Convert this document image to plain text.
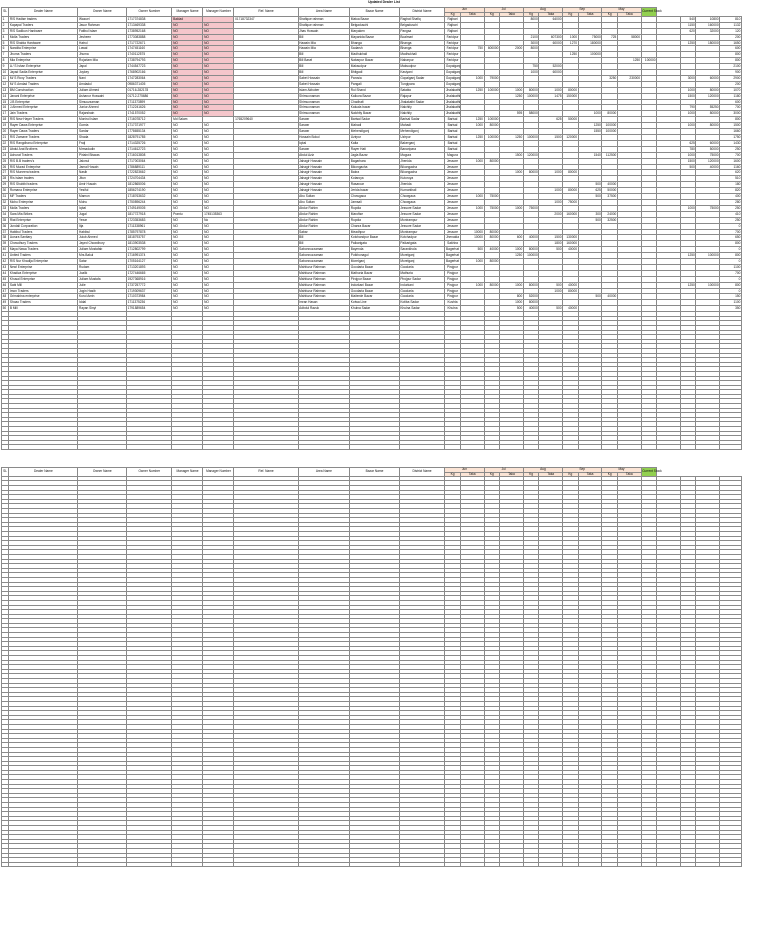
Updated Dealer List
SL	Dealer Name	Owner Name	Owner Number	Manager Name	Manager Number	Ref. Name	Area Name	Bazar Name	District Name	Jun		Jul		Aug		Sep		May		Current Stock				
										Kg	Taka	Kg	Taka	Kg	Taka	Kg	Taka	Kg	Taka					
1	R/S Hadise traders	Wazuel	1717374838	Baldad		01718732347	Shafique rahman	Matua Bazar	Raghat Shafiq	Rajbari				8000	64000							540	10800	810
2	Kapapal Traders	Jasur Rahman	1713469338	NO	NO		Shafique rahman	Belgaduschi	Belgaduschi	Rajbari												1150	160000	1132
3	R/S Sadikun Hardware	Fatibul Islam	1738952168	NO	NO		Jhas Hossain	Maryaken	Pangsa	Rajbari												620	32000	120
4	Molla Traders	Jesheen	1773083888	NO	NO		Bill	Mayanida Bazar	Boalmari	Faridpur				2100	607300	1000	75000	725	58000					200
5	R/S Shabia Hardware	Hatrul	1717722671	NO	NO		Hawain Mia	Bhanga	Bhanga	Faridpur				3000	60000	1270	180000					1250	180000	1650
6	Nandita Enterprise	Lawal	1747451160	NO	NO		Hawain Mia	Sadarsh	Bhanga	Faridpur	750	600000	2000	8000										600
7	Jhuma Traders	Jhuma	1740112575	NO	NO		Bill	Madhukhali	Madhukhali	Faridpur						1250	100000							800
8	Mia Enterprise	Rojarlam Mia	1738794793	NO	NO		Bill Basel	Nabarpur Bazar	Nabarpur	Faridpur									1250	100000				800
9	A / S Ishan Enterprise	Japal	1744547723	NO	NO		Bill	Maksudpur	Maksudpur	Gopalganj				750	52000									2100
10	Jayad Sadia Enterprise	Joykey	1768902166	NO	NO		Bill	Bhitgadi	Kasiyani	Gopalganj				1000	60000									900
11	M/ S Roxy Traders	Nani	1747283064	NO	NO		Sabet Hossain	Parosia	Gopalganj Sadar	Gopalganj	1000	79000						3250	230000			3000	60000	2900
12	M/ S Amdad Traders	Amdadul	0986371405	NO	NO		Sabet Hossain	Pangali	Tungipara	Gopalganj														200
13	BM Construction	Juliam Ahmed	01716-282178	NO	NO		Islam Akbuber	Rui Shand	Satakto	Jhalakathi	1250	100000	1000	80000	1000	80000						1000	80000	1070
14	Janani Enterprise	Ashanur Hossaini	01712-275686	NO	NO		Shimuonaman	Kalkura Bazar	Rajapur	Jhalakathi			1250	100000	1475	150000						1500	120000	1180
15	J.B Enterprise	Simuuzzaman	1711373899	NO	NO		Shimuonaman	Chadhalt	Jhalakathi Sadar	Jhalakathi														600
16	J.Ahmed Enterprise	Juniur Ahmed	1712241626	NO	NO		Shimuonaman	Kaluala bazar	Nalchity	Jhalakathi												790	55250	700
17	Jain Traders	Rajarshain	1741570052	NO	NO		Shimuonaman	Nalchity Bazar	Nalchity	Jhalakathi			595	58000			1000	80000				1000	80000	3000
18	R/S New Hayer Traders	Monirul Islam	1716078712	Md Salam		1765209640	Sarwar	Barisal Sadar	Barisal Sadar	Barisal	1250	100000			625	50000								800
19	Rayer Dawa Enterprise	Gomia	1717371977	NO	NO		Sarwar	Mahadi	Mahadi	Barisal	1000	80000					1250	100000				1000	80000	1500
20	Rayer Dawa Traders	Sardar	1778655134	NO	NO		Sarwar	Mehendigonj	Mehendigonj	Barisal							1550	100000						1660
21	R/S Zamane Traders	Shada	1828791785	NO	NO		Hossain Bokul	Uzirpur	Uzirpur	Barisal	1250	100000	1250	100000	1500	120000								1750
22	R/S Rangdhanu Enterprise	Fraji	1714325726	NO	NO		Iqbal	Kalta	Bakerganj	Barisal												625	60000	1430
23	Abdul Arat Brothers	Mrmadudin	1714612723	NO	NO		Sarwar	Rayer Hati	Banaripara	Barisal												780	50000	250
24	Achurat Traders	Piriaini Biswas	1716013808	NO	NO		Abdul Aziz	Jagla Bazar	Magura	Magura			1500	120000			1540	112500				1000	75000	700
25	R/S B.B traders's	Jalonul	1717003064	NO	NO		Jahagir Hossain	Bagarhara	Jhenida	Jessore	1000	80000										1500	120000	1600
26	R/S Murad Enterprise	Jamal Hosain	1786889111	NO	NO		Jahagir Hossain	Bikongacha	Bikongacha	Jessore												500	40000	1160
27	R/S Muneera traders	Nasib	1722823662	NO	NO		Jahagir Hossain	Bakra	Bikongacha	Jessore			1000	80000	1000	80000								620
28	R/s Islam traders	Jitun	1724704434	NO	NO		Jahagir Hossain	Kotaroya	Kutoroya	Jessore														510
29	R/S Shubibi traders	Amir Husain	1812865006	NO	NO		Jahagir Hossain	Rasaroar	Jhenida	Jessore							500	40000						180
30	Rumana Enterprise	Yesiful	1856274190	NO	NO		Jahagir Hossain	Jerida bazar	Kumarkhali	Jessore					1000	80000	625	50000						820
31	MF Traders	Mamun	1718763632	NO	NO		Abu Sultan	Chowgaca	Chowgaca	Jessore	1000	75000					500	37500						400
32	Mohu Enterprise	Mohu	1750896244	NO	NO		Abu Sultan	Jamsali	Chowgaca	Jessore					1000	75000								280
33	Molla Traders	Iqbal	1749149005	NO	NO		Abdur Rahim	Rupdia	Jessore Sadar	Jessore	1000	75000	1000	75000								1000	75000	250
34	Sara Mia Brikes	Jugal	1817727918	Prantu	1745135363		Abdur Rahim	Marofise	Jessore Sadar	Jessore					2000	160000	300	24000						410
35	Riat Enterprise	Yexar	1723353683	NO	No		Abdur Rahim	Rupdia	Monirampur	Jessore							500	32500						250
36	Jundali Corporation	Itja	1711338961	NO	NO		Abdur Rahim	Chanra Bazar	Jessore Sadar	Jessore														0
37	Habibul Traders	Habibul	1785797878	NO	NO		Sabar	Meadhpur	Monirampur	Jessore	10000	80000												700
38	Aurura Sanitary	Juiub Ahmed	1818793757	NO	NO		Bill	Kotchandpur Bazar	Kotchadpur	Jhenaida	10000	80000	600	40000	1500	130000								650
39	Chowdhury Traders	Jayed Chowdhury	1813903538	NO	NO		Bill	Paikarigata	Paikarigata	Sakhira					1800	160000								800
40	Maya Nawa Traders	Juliam Mostafab	1712802799	NO	NO		Sabonnuzzaman	Bayenda	Sarankhola	Bagerhat	500	40000	1000	80000	500	40000								0
41	United Traders	Mrs.Bakul	1716991374	NO	NO		Sabonnuzzaman	Putkhonagul	Morelganj	Bagerhat			1250	100000								1250	100000	800
42	R/S Nur Khadija Enterprise	Satar	1705164127	NO	NO		Sabonnuzzaman	Morelganj	Morelganj	Bagerhat	1000	80000												0
43	Newl Enterprise	Rudam	1713201893	NO	NO		Mahfuzur Rahman	Goodaria Bazar	Goodaria	Pirojpur														1100
44	Khadiza Enterprise	Joalik	1727446665	NO	NO		Mahfuzur Rahman	Mathuria Bazar	Mathuria	Pirojpur														700
45	Khusal Enterprise	Juliam Mustafa	1927368916	NO	NO		Mahfuzur Rahman	Pirojpur Bazar	Pirojpur Sadar	Pirojpur														0
46	Sabi Mill	Julie	1737257772	NO	NO		Mahfuzur Rahman	Indurkani Bazar	Indurkani	Pirojpur	1000	80000	1000	80000	500	40000						1250	100000	800
47	Imon Traders	Jogin Hasib	1719309637	NO	NO		Mahfuzur Rahman	Goodaria Bazar	Goodaria	Pirojpur					1000	80000								0
48	Grimabina enterprise	Kurul Amin	1710373984	NO	NO		Mahfuzur Rahman	Maiterde Bazar	Goodaria	Pirojpur			800	52000			500	40000						150
49	Shoao Traders	Iddal	1711375236	NO	NO		Imran Hasan	Kotwa Line	Kotiba Sadar	Kushta			1000	80000										1100
50	B Mill	Rayan Sinyi	1791889654	NO	NO		Adbdul Razuk	Khulna Sadar	Khulna Sadar	Khulna			500	40000	500	40000								350

SL	Dealer Name	Owner Name	Owner Number	Manager Name	Manager Number	Ref. Name	Area Name	Bazar Name	District Name	Jun		Jul		Aug		Sep		May		Current Stock				
										Kg	Taka	Kg	Taka	Kg	Taka	Kg	Taka	Kg	Taka					
